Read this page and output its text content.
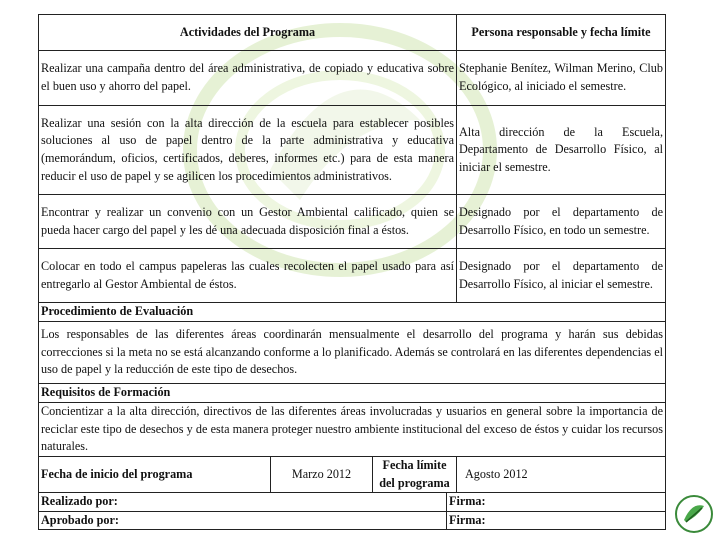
Actividades del Programa				Persona responsable y fecha límite
Realizar una campaña dentro del área administrativa, de copiado y educativa sobre el buen uso y ahorro del papel.				Stephanie Benítez, Wilman Merino, Club Ecológico, al iniciado el semestre.
Realizar una sesión con la alta dirección de la escuela para establecer posibles soluciones al uso de papel dentro de la parte administrativa y educativa (memorándum, oficios, certificados, deberes, informes etc.) para de esta manera reducir el uso de papel y se agilicen los procedimientos administrativos.				Alta dirección de la Escuela, Departamento de Desarrollo Físico, al iniciar el semestre.
Encontrar y realizar un convenio con un Gestor Ambiental calificado, quien se pueda hacer cargo del papel y les dé una adecuada disposición final a éstos.				Designado por el departamento de Desarrollo Físico, en todo un semestre.
Colocar en todo el campus papeleras las cuales recolecten el papel usado para así entregarlo al Gestor Ambiental de éstos.				Designado por el departamento de Desarrollo Físico, al iniciar el semestre.
Procedimiento de Evaluación				
Los responsables de las diferentes áreas coordinarán mensualmente el desarrollo del programa y harán sus debidas correcciones si la meta no se está alcanzando conforme a lo planificado. Además se controlará en las diferentes dependencias el uso de papel y la reducción de este tipo de desechos.				
Requisitos de Formación				
Concientizar a la alta dirección, directivos de las diferentes áreas involucradas y usuarios en general sobre la importancia de reciclar este tipo de desechos y de esta manera proteger nuestro ambiente institucional del exceso de éstos y cuidar los recursos naturales.				
Fecha de inicio del programa	Marzo 2012	Fecha límite del programa		Agosto 2012
Realizado por:			Firma:	
Aprobado por:			Firma:	
